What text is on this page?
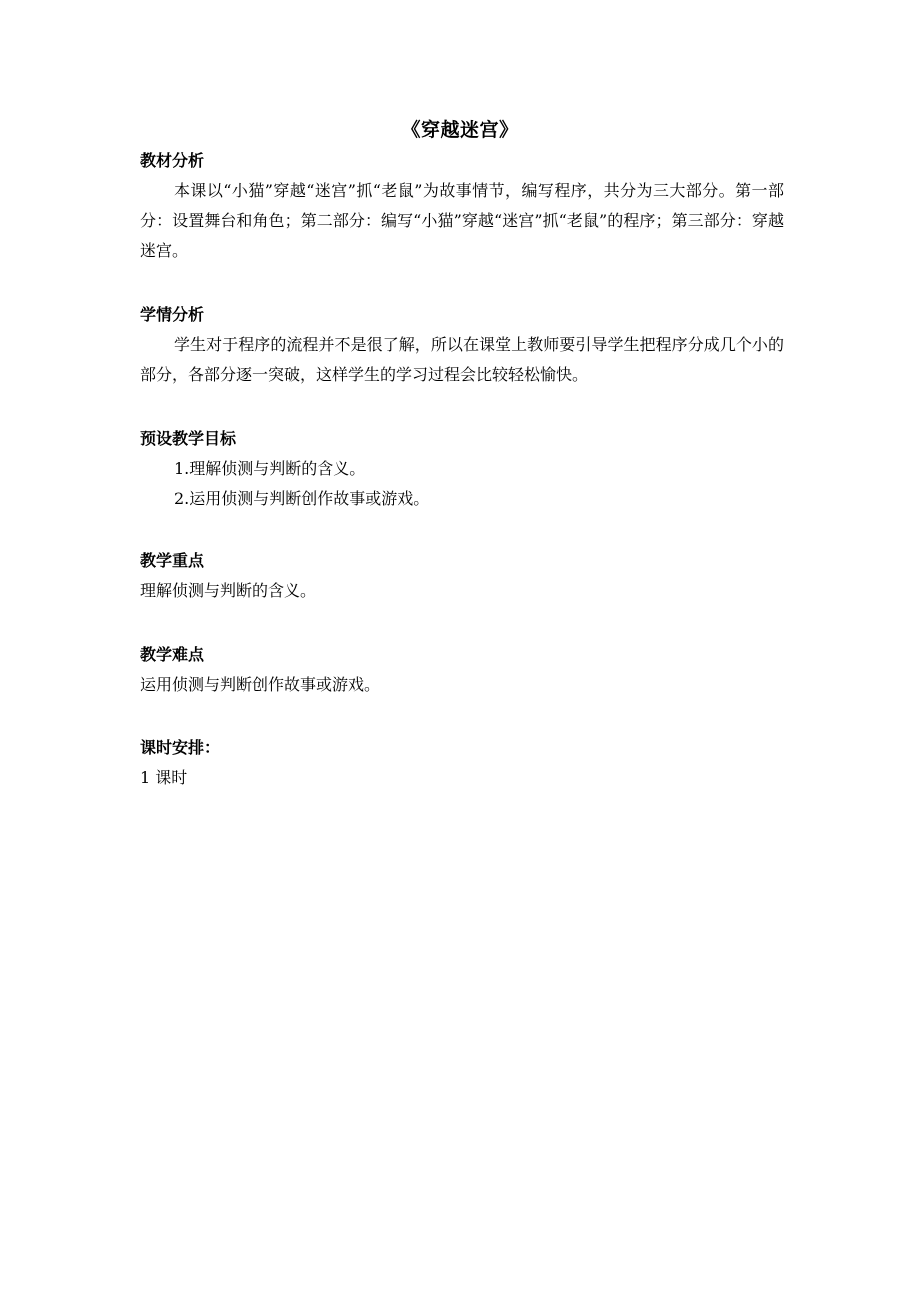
《穿越迷宫》
教材分析

本课以“小猫”穿越“迷宫”抓“老鼠”为故事情节，编写程序，共分为三大部分。第一部分：设置舞台和角色；第二部分：编写“小猫”穿越“迷宫”抓“老鼠”的程序；第三部分：穿越迷宫。

学情分析

学生对于程序的流程并不是很了解，所以在课堂上教师要引导学生把程序分成几个小的部分，各部分逐一突破，这样学生的学习过程会比较轻松愉快。

预设教学目标
1.理解侦测与判断的含义。
2.运用侦测与判断创作故事或游戏。
教学重点

理解侦测与判断的含义。

教学难点

运用侦测与判断创作故事或游戏。

课时安排：

1 课时
